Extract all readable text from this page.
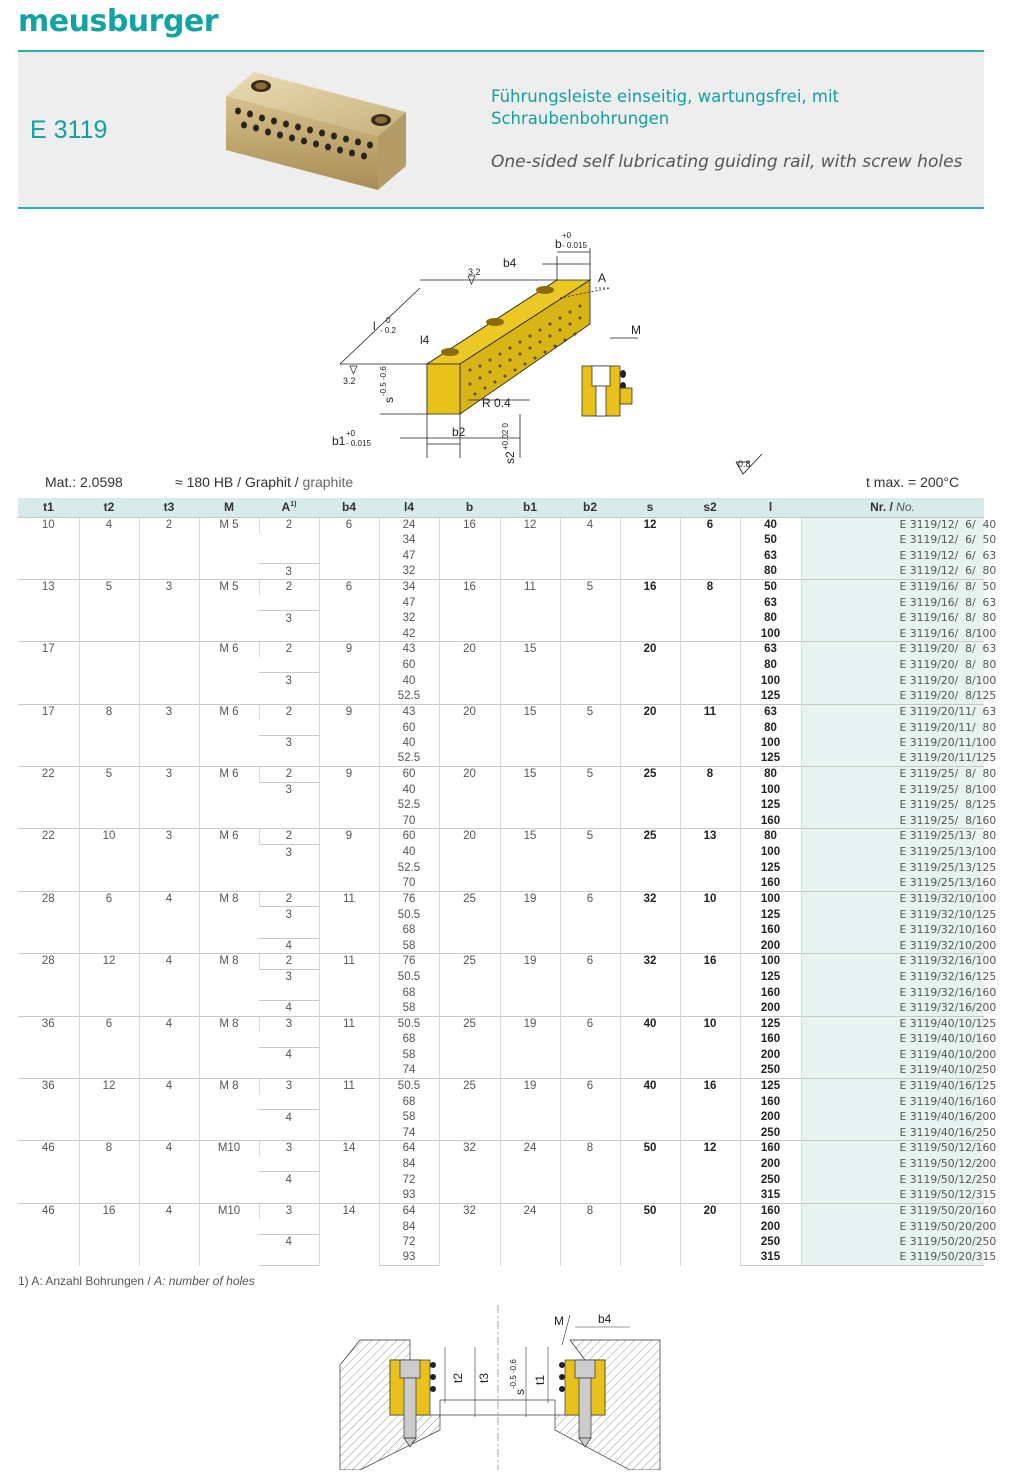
meusburger
E 3119
Führungsleiste einseitig, wartungsfrei, mit Schraubenbohrungen
One-sided self lubricating guiding rail, with screw holes
b
+0
- 0.015
b4
A
3.2
3.2
l 0
- 0.2
l4
R 0.4
b2
b1
+0
- 0.015
s
-0.5 -0.6
s2
+0.02 0
M
0.8
Mat.: 2.0598	≈ 180 HB / Graphit / graphite	t max. = 200°C
t1	t2	t3	M	$A^{1)}$	b4	l4	b	b1	b2	s	s2	l	Nr. / No.
10	4	2	M 5	2	6	24	16	12	4	12	6	40	E 3119/12/  6/  40
						34						50	E 3119/12/  6/  50
						47						63	E 3119/12/  6/  63
				3		32						80	E 3119/12/  6/  80
13	5	3	M 5	2	6	34	16	11	5	16	8	50	E 3119/16/  8/  50
						47						63	E 3119/16/  8/  63
				3		32						80	E 3119/16/  8/  80
						42						100	E 3119/16/  8/100
17			M 6	2	9	43	20	15		20		63	E 3119/20/  8/  63
						60						80	E 3119/20/  8/  80
				3		40						100	E 3119/20/  8/100
						52.5						125	E 3119/20/  8/125
17	8	3	M 6	2	9	43	20	15	5	20	11	63	E 3119/20/11/  63
						60						80	E 3119/20/11/  80
				3		40						100	E 3119/20/11/100
						52.5						125	E 3119/20/11/125
22	5	3	M 6	2	9	60	20	15	5	25	8	80	E 3119/25/  8/  80
				3		40						100	E 3119/25/  8/100
						52.5						125	E 3119/25/  8/125
						70						160	E 3119/25/  8/160
22	10	3	M 6	2	9	60	20	15	5	25	13	80	E 3119/25/13/  80
				3		40						100	E 3119/25/13/100
						52.5						125	E 3119/25/13/125
						70						160	E 3119/25/13/160
28	6	4	M 8	2	11	76	25	19	6	32	10	100	E 3119/32/10/100
				3		50.5						125	E 3119/32/10/125
						68						160	E 3119/32/10/160
				4		58						200	E 3119/32/10/200
28	12	4	M 8	2	11	76	25	19	6	32	16	100	E 3119/32/16/100
				3		50.5						125	E 3119/32/16/125
						68						160	E 3119/32/16/160
				4		58						200	E 3119/32/16/200
36	6	4	M 8	3	11	50.5	25	19	6	40	10	125	E 3119/40/10/125
						68						160	E 3119/40/10/160
				4		58						200	E 3119/40/10/200
						74						250	E 3119/40/10/250
36	12	4	M 8	3	11	50.5	25	19	6	40	16	125	E 3119/40/16/125
						68						160	E 3119/40/16/160
				4		58						200	E 3119/40/16/200
						74						250	E 3119/40/16/250
46	8	4	M10	3	14	64	32	24	8	50	12	160	E 3119/50/12/160
						84						200	E 3119/50/12/200
				4		72						250	E 3119/50/12/250
						93						315	E 3119/50/12/315
46	16	4	M10	3	14	64	32	24	8	50	20	160	E 3119/50/20/160
						84						200	E 3119/50/20/200
				4		72						250	E 3119/50/20/250
						93						315	E 3119/50/20/315
1) A: Anzahl Bohrungen / A: number of holes
M	b4
t2 t3
s
-0.5 -0.6 t1
